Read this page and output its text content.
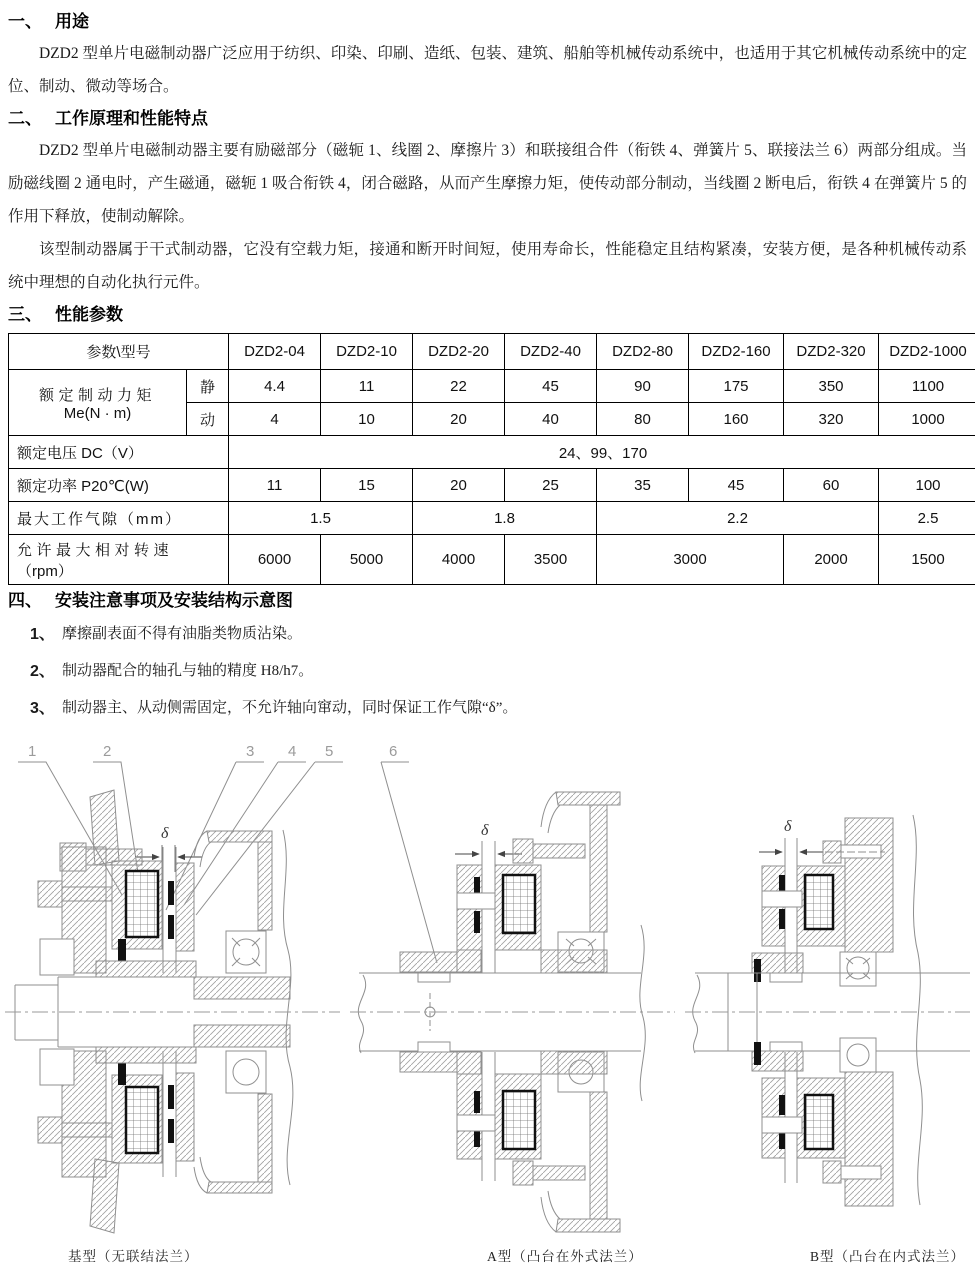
一、 用途

DZD2 型单片电磁制动器广泛应用于纺织、印染、印刷、造纸、包装、建筑、船舶等机械传动系统中，也适用于其它机械传动系统中的定位、制动、微动等场合。

二、 工作原理和性能特点

DZD2 型单片电磁制动器主要有励磁部分（磁轭 1、线圈 2、摩擦片 3）和联接组合件（衔铁 4、弹簧片 5、联接法兰 6）两部分组成。当励磁线圈 2 通电时，产生磁通，磁轭 1 吸合衔铁 4，闭合磁路，从而产生摩擦力矩，使传动部分制动，当线圈 2 断电后，衔铁 4 在弹簧片 5 的作用下释放，使制动解除。

该型制动器属于干式制动器，它没有空载力矩，接通和断开时间短，使用寿命长，性能稳定且结构紧凑，安装方便，是各种机械传动系统中理想的自动化执行元件。

三、 性能参数
参数\型号		DZD2-04	DZD2-10	DZD2-20	DZD2-40	DZD2-80	DZD2-160	DZD2-320	DZD2-1000

额定制动力矩
Me(N · m)	静	4.4	11	22	45	90	175	350	1100
	动	4	10	20	40	80	160	320	1000
额定电压 DC（V）		24、99、170							
额定功率 P20℃(W)		11	15	20	25	35	45	60	100
最大工作气隙（mm）		1.5		1.8		2.2			2.5

允许最大相对转速
（rpm）		6000	5000	4000	3500	3000		2000	1500
四、 安装注意事项及安装结构示意图
1、 摩擦副表面不得有油脂类物质沾染。
2、 制动器配合的轴孔与轴的精度 H8/h7。
3、 制动器主、从动侧需固定，不允许轴向窜动，同时保证工作气隙“δ”。
1	2	3 4 5
δ
6
δ	δ
基型（无联结法兰）	A型（凸台在外式法兰）	B型（凸台在内式法兰）
